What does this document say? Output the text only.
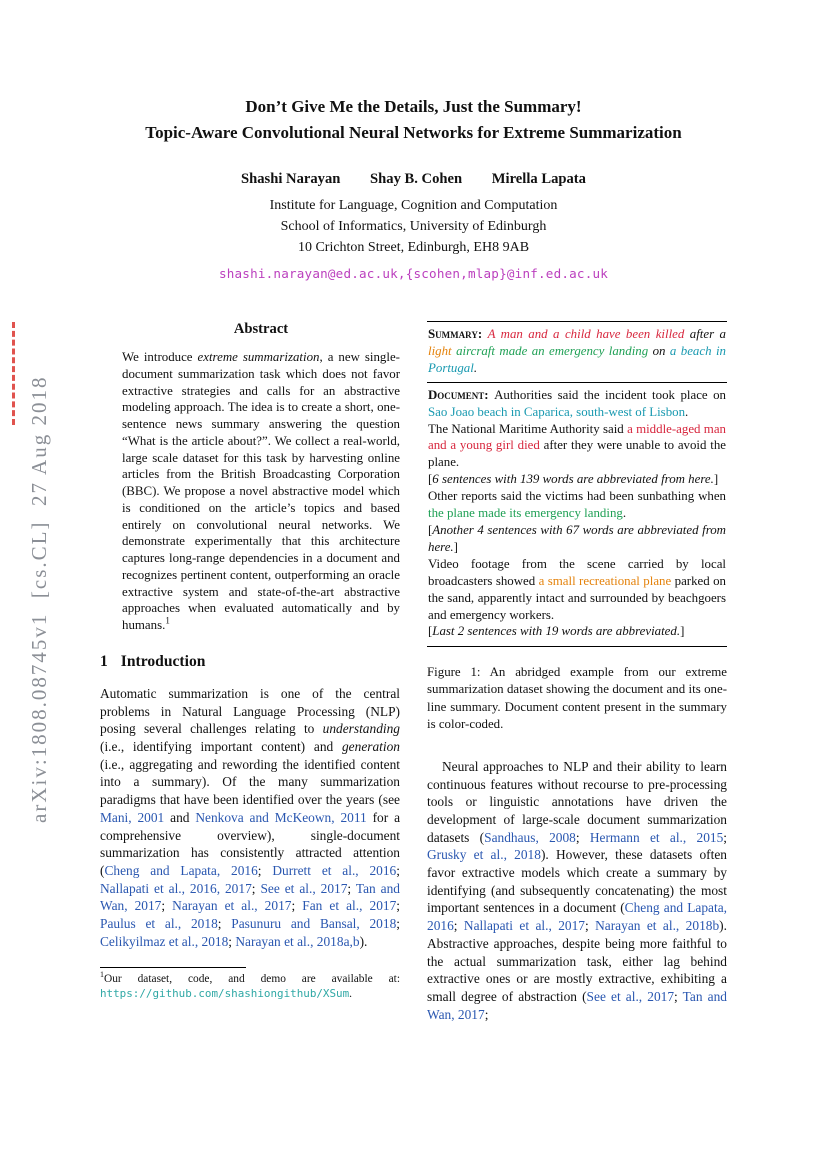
arXiv:1808.08745v1  [cs.CL]  27 Aug 2018
Don’t Give Me the Details, Just the Summary!
Topic-Aware Convolutional Neural Networks for Extreme Summarization
Shashi Narayan Shay B. Cohen Mirella Lapata
Institute for Language, Cognition and Computation
School of Informatics, University of Edinburgh
10 Crichton Street, Edinburgh, EH8 9AB
shashi.narayan@ed.ac.uk,{scohen,mlap}@inf.ed.ac.uk
Abstract

We introduce extreme summarization, a new single-document summarization task which does not favor extractive strategies and calls for an abstractive modeling approach. The idea is to create a short, one-sentence news summary answering the question “What is the article about?”. We collect a real-world, large scale dataset for this task by harvesting online articles from the British Broadcasting Corporation (BBC). We propose a novel abstractive model which is conditioned on the article’s topics and based entirely on convolutional neural networks. We demonstrate experimentally that this architecture captures long-range dependencies in a document and recognizes pertinent content, outperforming an oracle extractive system and state-of-the-art abstractive approaches when evaluated automatically and by humans.$^1$

1 Introduction

Automatic summarization is one of the central problems in Natural Language Processing (NLP) posing several challenges relating to understanding (i.e., identifying important content) and generation (i.e., aggregating and rewording the identified content into a summary). Of the many summarization paradigms that have been identified over the years (see Mani, 2001 and Nenkova and McKeown, 2011 for a comprehensive overview), single-document summarization has consistently attracted attention (Cheng and Lapata, 2016; Durrett et al., 2016; Nallapati et al., 2016, 2017; See et al., 2017; Tan and Wan, 2017; Narayan et al., 2017; Fan et al., 2017; Paulus et al., 2018; Pasunuru and Bansal, 2018; Celikyilmaz et al., 2018; Narayan et al., 2018a,b).

$^1$Our dataset, code, and demo are available at: https://github.com/shashiongithub/XSum.

Summary: A man and a child have been killed after a light aircraft made an emergency landing on a beach in Portugal.

Document: Authorities said the incident took place on Sao Joao beach in Caparica, south-west of Lisbon.

The National Maritime Authority said a middle-aged man and a young girl died after they were unable to avoid the plane.

[6 sentences with 139 words are abbreviated from here.]

Other reports said the victims had been sunbathing when the plane made its emergency landing.

[Another 4 sentences with 67 words are abbreviated from here.]

Video footage from the scene carried by local broadcasters showed a small recreational plane parked on the sand, apparently intact and surrounded by beachgoers and emergency workers.

[Last 2 sentences with 19 words are abbreviated.]

Figure 1: An abridged example from our extreme summarization dataset showing the document and its one-line summary. Document content present in the summary is color-coded.

Neural approaches to NLP and their ability to learn continuous features without recourse to pre-processing tools or linguistic annotations have driven the development of large-scale document summarization datasets (Sandhaus, 2008; Hermann et al., 2015; Grusky et al., 2018). However, these datasets often favor extractive models which create a summary by identifying (and subsequently concatenating) the most important sentences in a document (Cheng and Lapata, 2016; Nallapati et al., 2017; Narayan et al., 2018b). Abstractive approaches, despite being more faithful to the actual summarization task, either lag behind extractive ones or are mostly extractive, exhibiting a small degree of abstraction (See et al., 2017; Tan and Wan, 2017;
